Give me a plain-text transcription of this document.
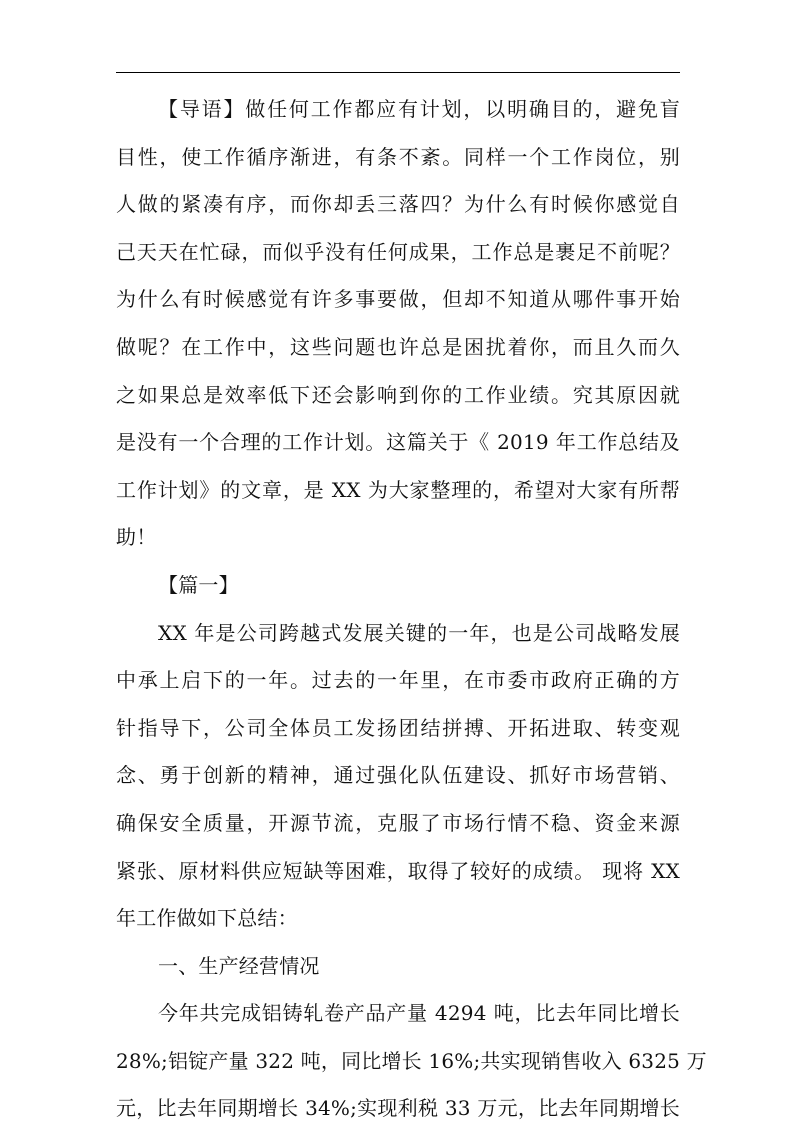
【导语】做任何工作都应有计划，以明确目的，避免盲
目性，使工作循序渐进，有条不紊。同样一个工作岗位，别
人做的紧凑有序，而你却丢三落四？为什么有时候你感觉自
己天天在忙碌，而似乎没有任何成果，工作总是裹足不前呢？
为什么有时候感觉有许多事要做，但却不知道从哪件事开始
做呢？在工作中，这些问题也许总是困扰着你，而且久而久
之如果总是效率低下还会影响到你的工作业绩。究其原因就
是没有一个合理的工作计划。这篇关于《 2019 年工作总结及
工作计划》的文章，是 XX 为大家整理的，希望对大家有所帮
助！
【篇一】
XX 年是公司跨越式发展关键的一年，也是公司战略发展
中承上启下的一年。过去的一年里，在市委市政府正确的方
针指导下，公司全体员工发扬团结拼搏、开拓进取、转变观
念、勇于创新的精神，通过强化队伍建设、抓好市场营销、
确保安全质量，开源节流，克服了市场行情不稳、资金来源
紧张、原材料供应短缺等困难，取得了较好的成绩。 现将 XX
年工作做如下总结：
一、生产经营情况
今年共完成铝铸轧卷产品产量 4294 吨，比去年同比增长
28%;铝锭产量 322 吨，同比增长 16%;共实现销售收入 6325 万
元，比去年同期增长 34%;实现利税 33 万元，比去年同期增长
